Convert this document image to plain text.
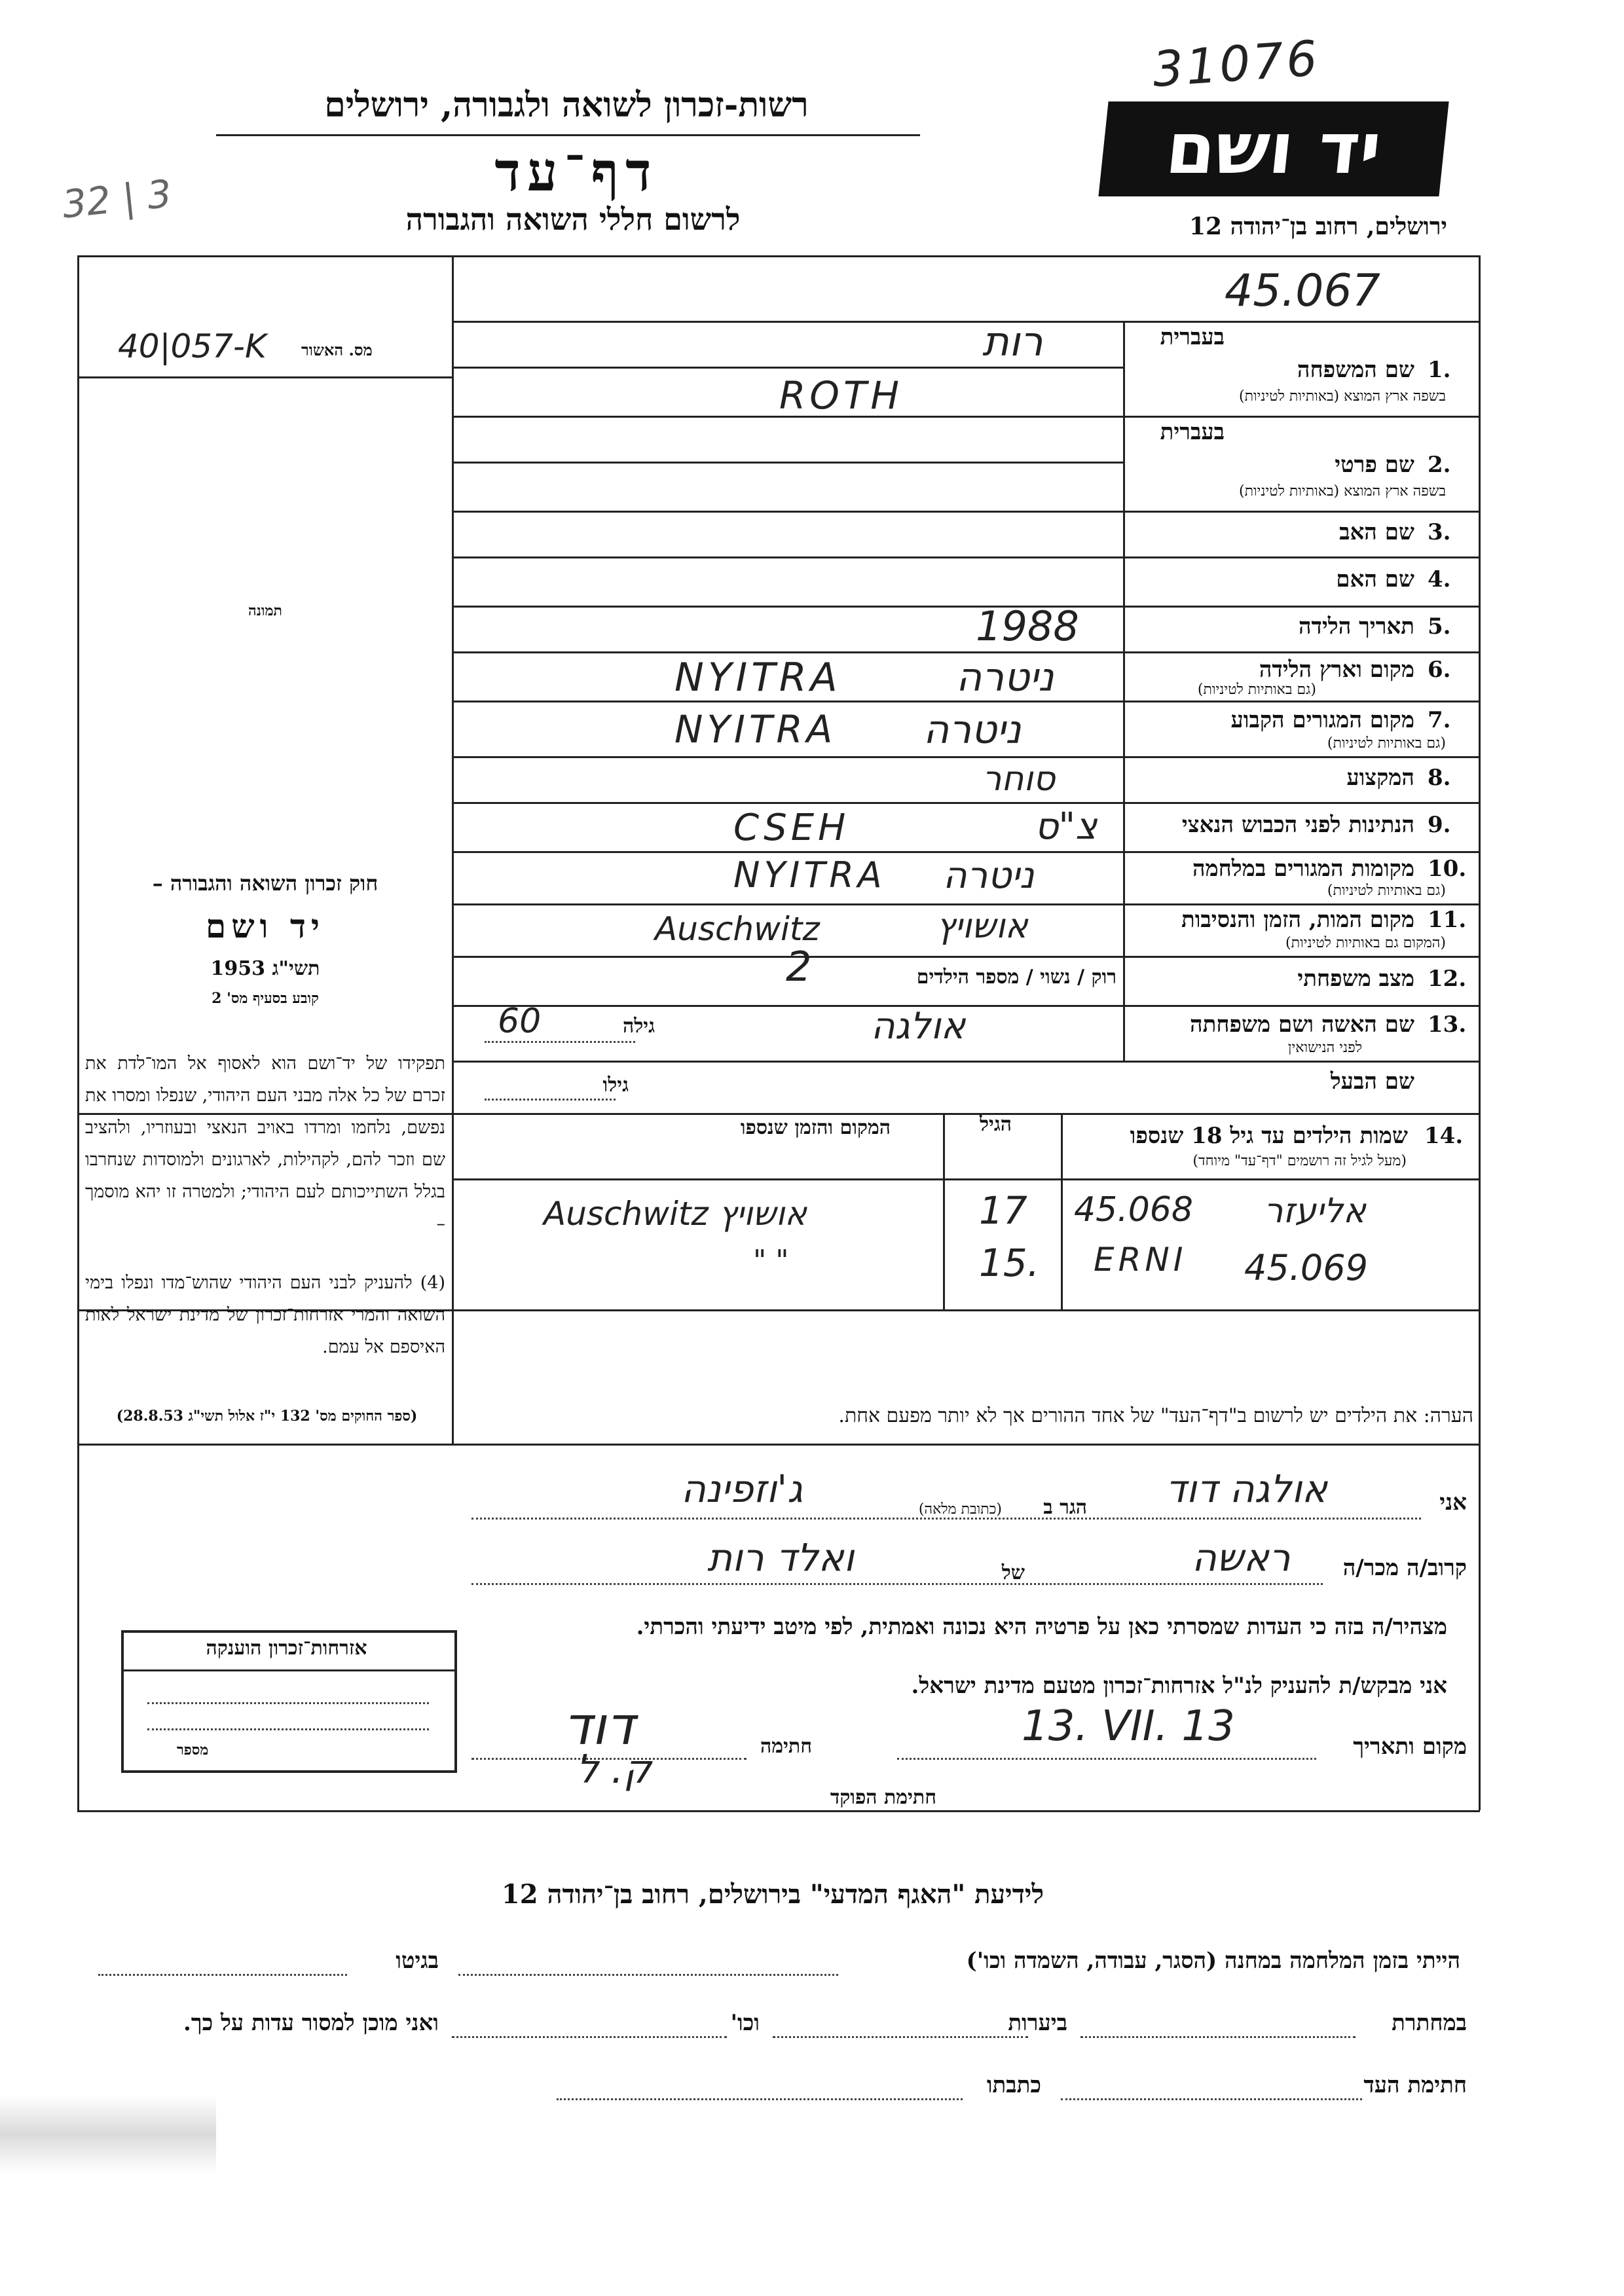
31076
רשות-זכרון לשואה ולגבורה, ירושלים
דף־עד
לרשום חללי השואה והגבורה
32 | 3
יד ושם
ירושלים, רחוב בן־יהודה 12
45.067
40|057-K מס. האשור
תמונה
בעברית
1.
שם המשפחה
בשפה ארץ המוצא (באותיות לטיניות)
רות
ROTH
בעברית
2.
שם פרטי
בשפה ארץ המוצא (באותיות לטיניות)
3.
שם האב
4.
שם האם
5.
תאריך הלידה
1988
6.
מקום וארץ הלידה
(גם באותיות לטיניות)
ניטרה
NYITRA
7.
מקום המגורים הקבוע
(גם באותיות לטיניות)
ניטרה
NYITRA
8.
המקצוע
סוחר
9.
הנתינות לפני הכבוש הנאצי
צ"ס
CSEH
10.
מקומות המגורים במלחמה
(גם באותיות לטיניות)
ניטרה
NYITRA
11.
מקום המות, הזמן והנסיבות
(המקום גם באותיות לטיניות)
אושויץ
Auschwitz
12.
מצב משפחתי
רוק / נשוי / מספר הילדים
2
13.
שם האשה ושם משפחתה
לפני הנישואין
אולגה
גילה
60
שם הבעל
גילו
14.
שמות הילדים עד גיל 18 שנספו
(מעל לגיל זה רושמים "דף־עד" מיוחד)
הגיל
המקום והזמן שנספו
אליעזר
45.068
17
Auschwitz אושויץ
ERNI 45.069
15.
" "
חוק זכרון השואה והגבורה –
יד ושם
תשי"ג 1953
קובע בסעיף מס' 2
תפקידו של יד־ושם הוא לאסוף אל המו־לדת את זכרם של כל אלה מבני העם היהודי, שנפלו ומסרו את נפשם, נלחמו ומרדו באויב הנאצי ובעוזריו, ולהציב שם וזכר להם, לקהילות, לארגונים ולמוסדות שנחרבו בגלל השתייכותם לעם היהודי; ולמטרה זו יהא מוסמך –
(4) להעניק לבני העם היהודי שהוש־מדו ונפלו בימי השואה והמרי אזרחות־זכרון של מדינת ישראל לאות האיספם אל עמם.
(ספר החוקים מס' 132 י"ז אלול תשי"ג 28.8.53)	הערה: את הילדים יש לרשום ב"דף־העד" של אחד ההורים אך לא יותר מפעם אחת.
אני
אולגה דוד
הגר ב
(כתובת מלאה)
ג'וזפינה
קרוב/ה מכר/ה
ראשה
של
ואלד רות
מצהיר/ה בזה כי העדות שמסרתי כאן על פרטיה היא נכונה ואמתית, לפי מיטב ידיעתי והכרתי.
אני מבקש/ת להעניק לנ"ל אזרחות־זכרון מטעם מדינת ישראל.
מקום ותאריך
13. VII. 13
חתימה
דוד
חתימת הפוקד
ק. ל
אזרחות־זכרון הוענקה
מספר
לידיעת "האגף המדעי" בירושלים, רחוב בן־יהודה 12
הייתי בזמן המלחמה במחנה (הסגר, עבודה, השמדה וכו')
בגיטו
במחתרת
ביערות
וכו'
ואני מוכן למסור עדות על כך.
חתימת העד
כתבתו
